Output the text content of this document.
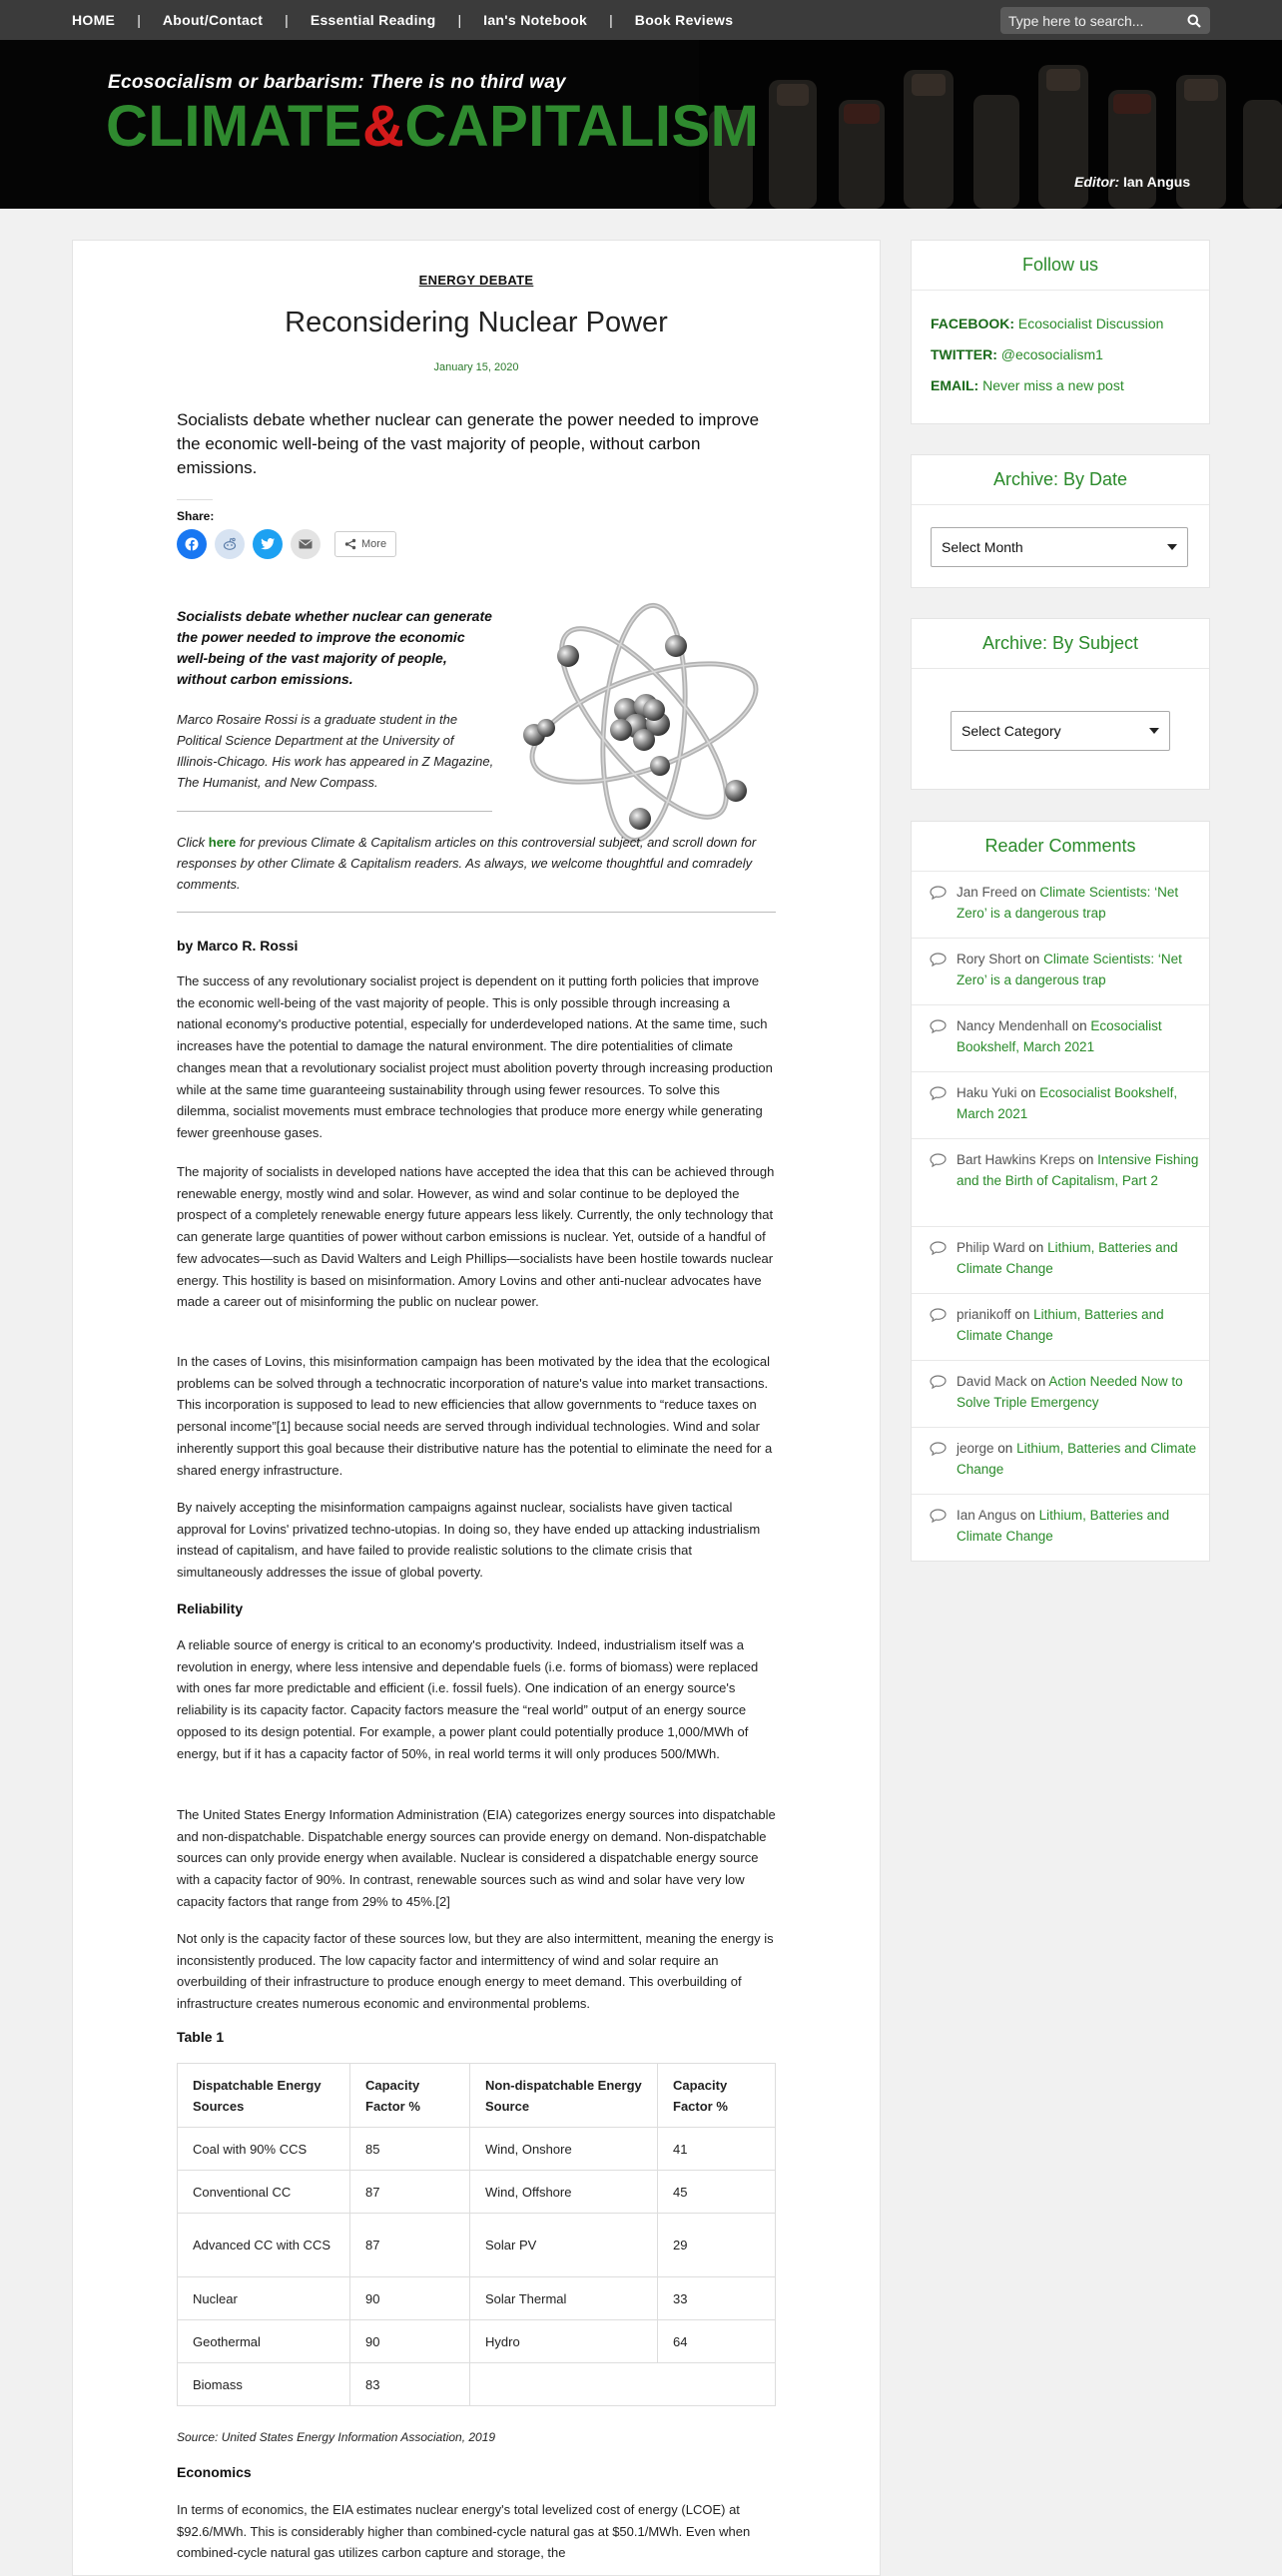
HOME | About/Contact | Essential Reading | Ian's Notebook | Book Reviews
Type here to search...
Ecosocialism or barbarism: There is no third way
CLIMATE&CAPITALISM
Editor: Ian Angus
ENERGY DEBATE
Reconsidering Nuclear Power
January 15, 2020
Socialists debate whether nuclear can generate the power needed to improve the economic well-being of the vast majority of people, without carbon emissions.
Share:
More
Socialists debate whether nuclear can generate the power needed to improve the economic well-being of the vast majority of people, without carbon emissions.
Marco Rosaire Rossi is a graduate student in the Political Science Department at the University of Illinois-Chicago. His work has appeared in Z Magazine, The Humanist, and New Compass.
Click here for previous Climate & Capitalism articles on this controversial subject, and scroll down for responses by other Climate & Capitalism readers. As always, we welcome thoughtful and comradely comments.
by Marco R. Rossi

The success of any revolutionary socialist project is dependent on it putting forth policies that improve the economic well-being of the vast majority of people. This is only possible through increasing a national economy's productive potential, especially for underdeveloped nations. At the same time, such increases have the potential to damage the natural environment. The dire potentialities of climate changes mean that a revolutionary socialist project must abolition poverty through increasing production while at the same time guaranteeing sustainability through using fewer resources. To solve this dilemma, socialist movements must embrace technologies that produce more energy while generating fewer greenhouse gases.

The majority of socialists in developed nations have accepted the idea that this can be achieved through renewable energy, mostly wind and solar. However, as wind and solar continue to be deployed the prospect of a completely renewable energy future appears less likely. Currently, the only technology that can generate large quantities of power without carbon emissions is nuclear. Yet, outside of a handful of few advocates—such as David Walters and Leigh Phillips—socialists have been hostile towards nuclear energy. This hostility is based on misinformation. Amory Lovins and other anti-nuclear advocates have made a career out of misinforming the public on nuclear power.

In the cases of Lovins, this misinformation campaign has been motivated by the idea that the ecological problems can be solved through a technocratic incorporation of nature's value into market transactions. This incorporation is supposed to lead to new efficiencies that allow governments to “reduce taxes on personal income”[1] because social needs are served through individual technologies. Wind and solar inherently support this goal because their distributive nature has the potential to eliminate the need for a shared energy infrastructure.

By naively accepting the misinformation campaigns against nuclear, socialists have given tactical approval for Lovins' privatized techno-utopias. In doing so, they have ended up attacking industrialism instead of capitalism, and have failed to provide realistic solutions to the climate crisis that simultaneously addresses the issue of global poverty.

Reliability

A reliable source of energy is critical to an economy's productivity. Indeed, industrialism itself was a revolution in energy, where less intensive and dependable fuels (i.e. forms of biomass) were replaced with ones far more predictable and efficient (i.e. fossil fuels). One indication of an energy source's reliability is its capacity factor. Capacity factors measure the “real world” output of an energy source opposed to its design potential. For example, a power plant could potentially produce 1,000/MWh of energy, but if it has a capacity factor of 50%, in real world terms it will only produces 500/MWh.

The United States Energy Information Administration (EIA) categorizes energy sources into dispatchable and non-dispatchable. Dispatchable energy sources can provide energy on demand. Non-dispatchable sources can only provide energy when available. Nuclear is considered a dispatchable energy source with a capacity factor of 90%. In contrast, renewable sources such as wind and solar have very low capacity factors that range from 29% to 45%.[2]

Not only is the capacity factor of these sources low, but they are also intermittent, meaning the energy is inconsistently produced. The low capacity factor and intermittency of wind and solar require an overbuilding of their infrastructure to produce enough energy to meet demand. This overbuilding of infrastructure creates numerous economic and environmental problems.

Table 1
Dispatchable Energy Sources	Capacity Factor %	Non-dispatchable Energy Source	Capacity Factor %
Coal with 90% CCS	85	Wind, Onshore	41
Conventional CC	87	Wind, Offshore	45
Advanced CC with CCS	87	Solar PV	29
Nuclear	90	Solar Thermal	33
Geothermal	90	Hydro	64
Biomass	83		
Source: United States Energy Information Association, 2019
Economics

In terms of economics, the EIA estimates nuclear energy's total levelized cost of energy (LCOE) at $92.6/MWh. This is considerably higher than combined-cycle natural gas at $50.1/MWh. Even when combined-cycle natural gas utilizes carbon capture and storage, the

Follow us
FACEBOOK: Ecosocialist Discussion
TWITTER: @ecosocialism1
EMAIL: Never miss a new post
Archive: By Date
Select Month
Archive: By Subject
Select Category
Reader Comments
Jan Freed on Climate Scientists: ‘Net Zero’ is a dangerous trap
Rory Short on Climate Scientists: ‘Net Zero’ is a dangerous trap
Nancy Mendenhall on Ecosocialist Bookshelf, March 2021
Haku Yuki on Ecosocialist Bookshelf, March 2021
Bart Hawkins Kreps on Intensive Fishing and the Birth of Capitalism, Part 2
Philip Ward on Lithium, Batteries and Climate Change
prianikoff on Lithium, Batteries and Climate Change
David Mack on Action Needed Now to Solve Triple Emergency
jeorge on Lithium, Batteries and Climate Change
Ian Angus on Lithium, Batteries and Climate Change
